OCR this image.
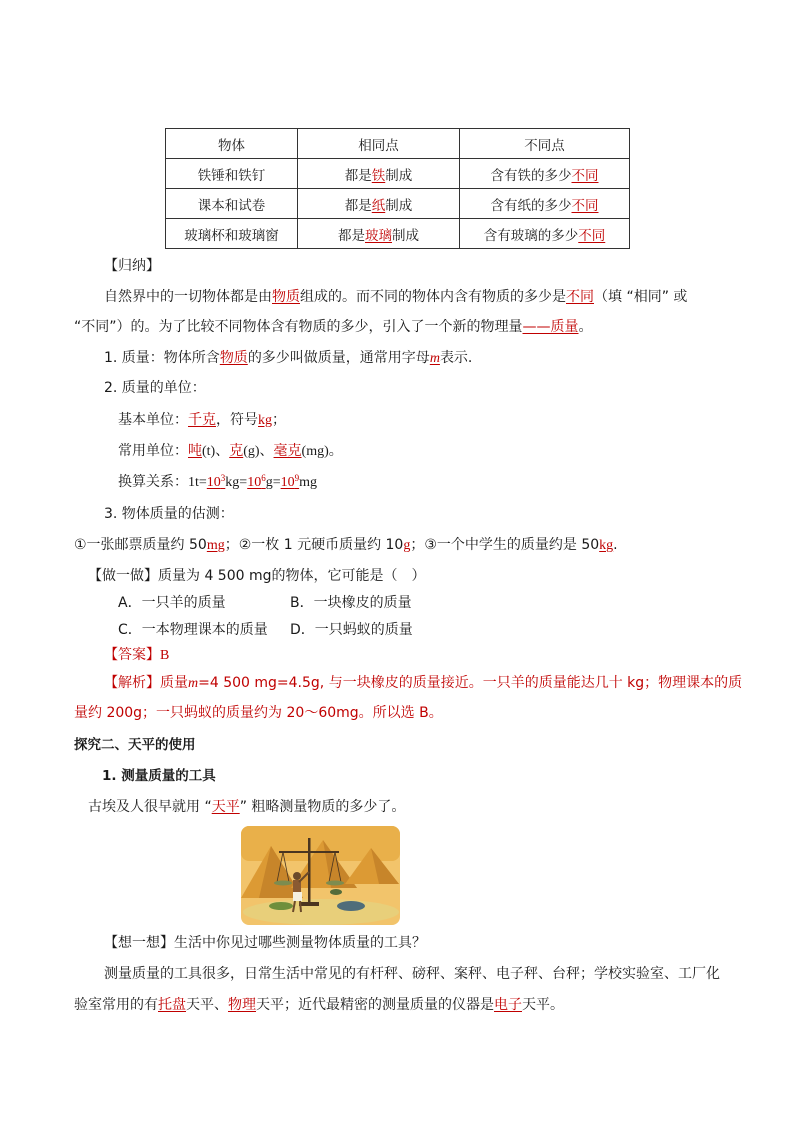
物体	相同点	不同点
铁锤和铁钉	都是铁制成	含有铁的多少不同
课本和试卷	都是纸制成	含有纸的多少不同
玻璃杯和玻璃窗	都是玻璃制成	含有玻璃的多少不同
【归纳】
自然界中的一切物体都是由物质组成的。而不同的物体内含有物质的多少是不同（填 “相同” 或
“不同”）的。为了比较不同物体含有物质的多少，引入了一个新的物理量——质量。
1. 质量：物体所含物质的多少叫做质量，通常用字母m表示.
2. 质量的单位：
基本单位：千克，符号kg；
常用单位：吨(t)、克(g)、毫克(mg)。
换算关系：$1t=10^3kg=10^6g=10^9mg$
3. 物体质量的估测：
①一张邮票质量约 50mg；②一枚 1 元硬币质量约 10g；③一个中学生的质量约是 50kg.
【做一做】质量为 4 500 mg的物体，它可能是（　）
A．一只羊的质量	B．一块橡皮的质量
C．一本物理课本的质量 D．一只蚂蚁的质量
【答案】B
【解析】质量m=4 500 mg=4.5g, 与一块橡皮的质量接近。一只羊的质量能达几十 kg；物理课本的质
量约 200g；一只蚂蚁的质量约为 20～60mg。所以选 B。
探究二、天平的使用
1. 测量质量的工具
古埃及人很早就用 “天平” 粗略测量物质的多少了。
【想一想】生活中你见过哪些测量物体质量的工具？
测量质量的工具很多，日常生活中常见的有杆秤、磅秤、案秤、电子秤、台秤；学校实验室、工厂化
验室常用的有托盘天平、物理天平；近代最精密的测量质量的仪器是电子天平。
